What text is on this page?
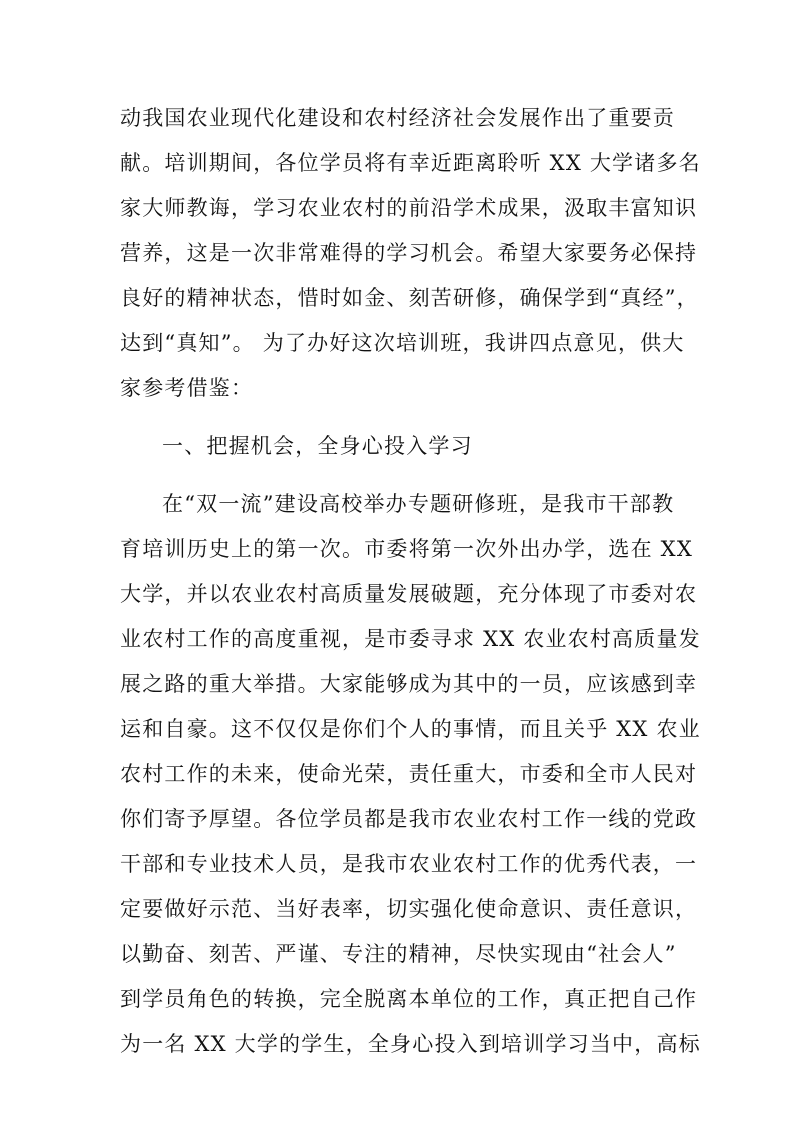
动我国农业现代化建设和农村经济社会发展作出了重要贡
献。培训期间，各位学员将有幸近距离聆听 XX 大学诸多名
家大师教诲，学习农业农村的前沿学术成果，汲取丰富知识
营养，这是一次非常难得的学习机会。希望大家要务必保持
良好的精神状态，惜时如金、刻苦研修，确保学到“真经”，
达到“真知”。 为了办好这次培训班，我讲四点意见，供大
家参考借鉴：
一、把握机会，全身心投入学习
在“双一流”建设高校举办专题研修班，是我市干部教
育培训历史上的第一次。市委将第一次外出办学，选在 XX
大学，并以农业农村高质量发展破题，充分体现了市委对农
业农村工作的高度重视，是市委寻求 XX 农业农村高质量发
展之路的重大举措。大家能够成为其中的一员，应该感到幸
运和自豪。这不仅仅是你们个人的事情，而且关乎 XX 农业
农村工作的未来，使命光荣，责任重大，市委和全市人民对
你们寄予厚望。各位学员都是我市农业农村工作一线的党政
干部和专业技术人员，是我市农业农村工作的优秀代表，一
定要做好示范、当好表率，切实强化使命意识、责任意识，
以勤奋、刻苦、严谨、专注的精神，尽快实现由“社会人”
到学员角色的转换，完全脱离本单位的工作，真正把自己作
为一名 XX 大学的学生，全身心投入到培训学习当中，高标
